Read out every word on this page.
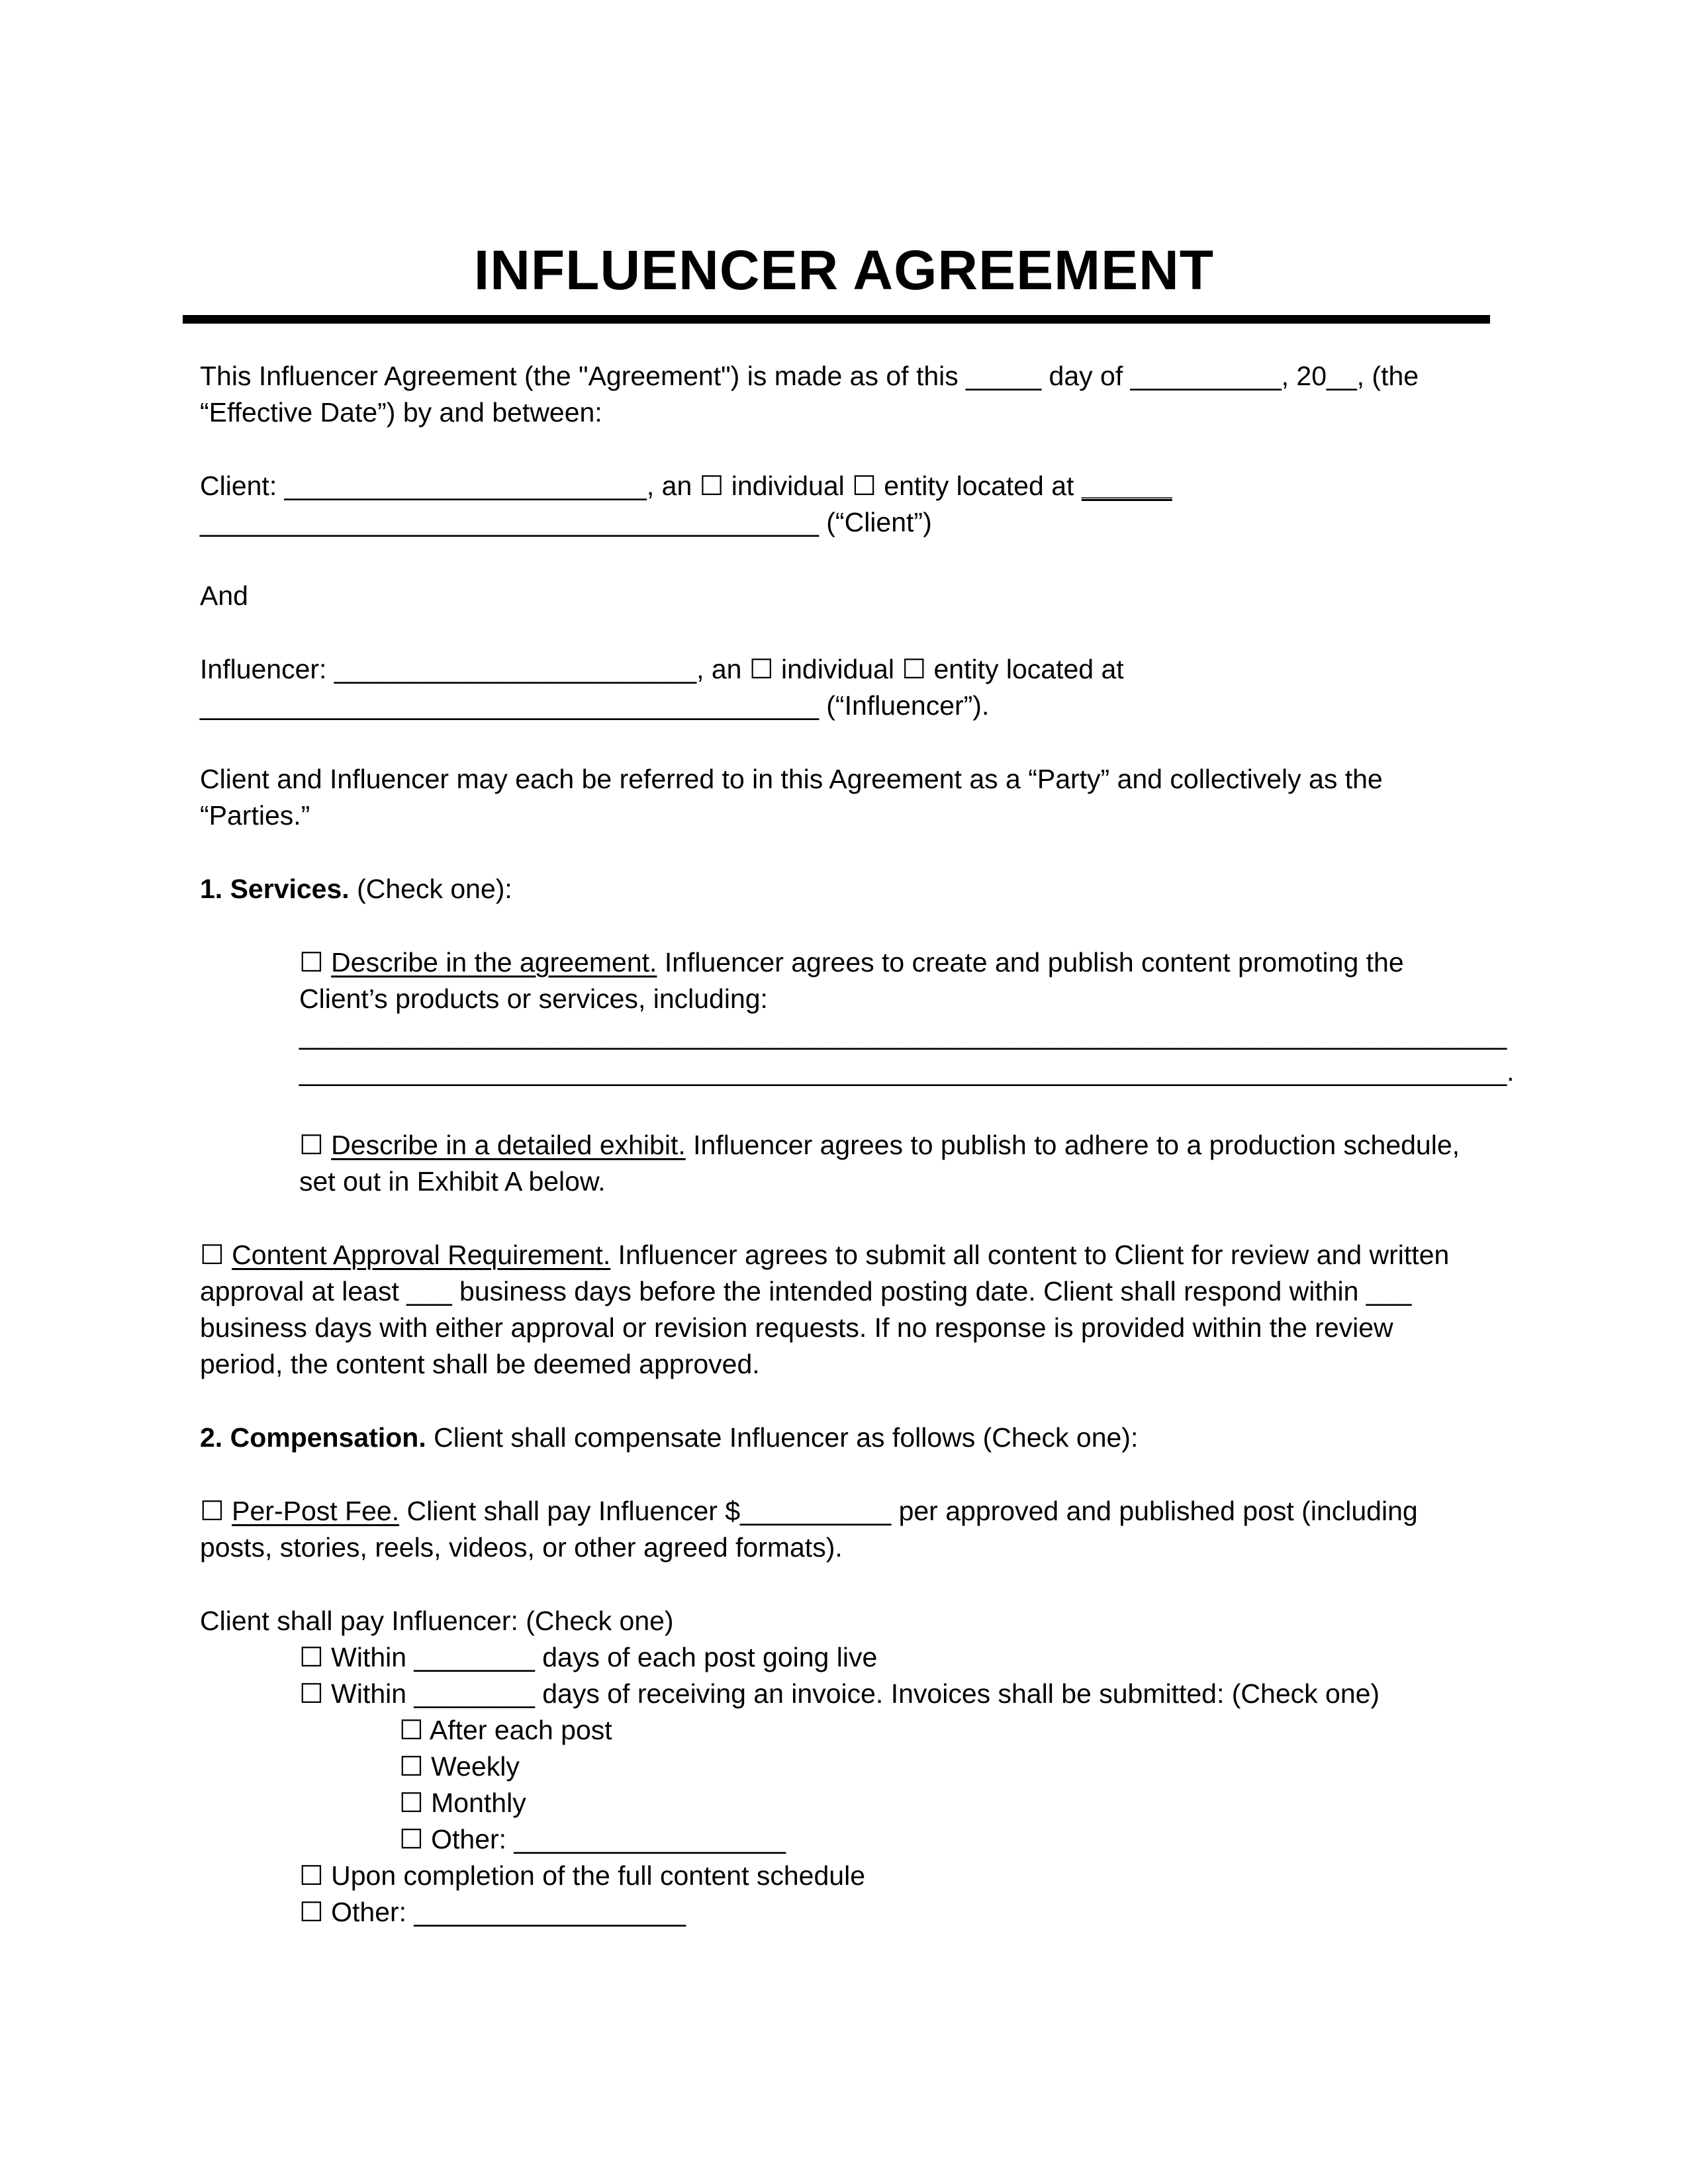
INFLUENCER AGREEMENT
This Influencer Agreement (the "Agreement") is made as of this _____ day of __________, 20__, (the
“Effective Date”) by and between:
Client: ________________________, an ☐ individual ☐ entity located at ______
_________________________________________ (“Client”)
And
Influencer: ________________________, an ☐ individual ☐ entity located at
_________________________________________ (“Influencer”).
Client and Influencer may each be referred to in this Agreement as a “Party” and collectively as the
“Parties.”
1. Services. (Check one):
☐ Describe in the agreement. Influencer agrees to create and publish content promoting the
Client’s products or services, including:
________________________________________________________________________________
________________________________________________________________________________.
☐ Describe in a detailed exhibit. Influencer agrees to publish to adhere to a production schedule,
set out in Exhibit A below.
☐ Content Approval Requirement. Influencer agrees to submit all content to Client for review and written
approval at least ___ business days before the intended posting date. Client shall respond within ___
business days with either approval or revision requests. If no response is provided within the review
period, the content shall be deemed approved.
2. Compensation. Client shall compensate Influencer as follows (Check one):
☐ Per-Post Fee. Client shall pay Influencer $__________ per approved and published post (including
posts, stories, reels, videos, or other agreed formats).
Client shall pay Influencer: (Check one)
☐ Within ________ days of each post going live
☐ Within ________ days of receiving an invoice. Invoices shall be submitted: (Check one)
☐ After each post
☐ Weekly
☐ Monthly
☐ Other: __________________
☐ Upon completion of the full content schedule
☐ Other: __________________
